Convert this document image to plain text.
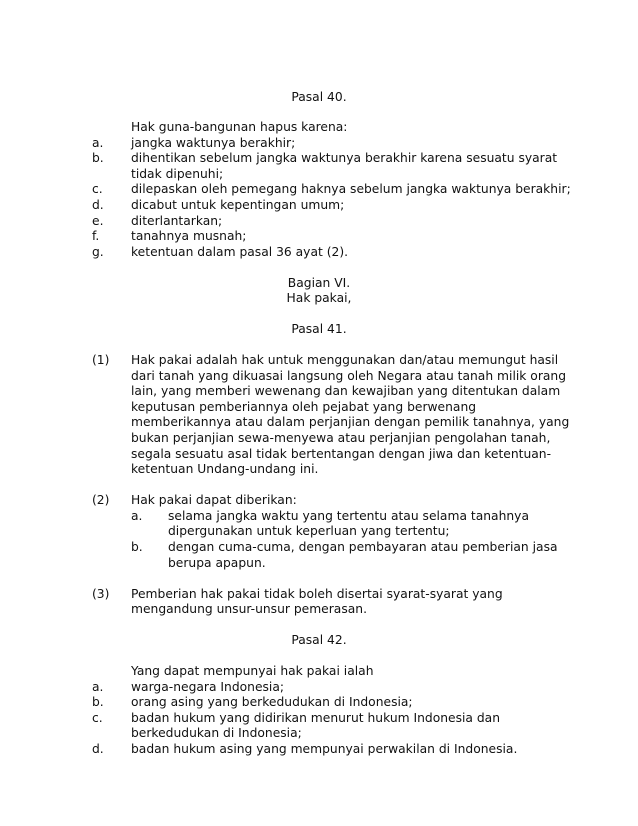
Pasal 40.
Hak guna-bangunan hapus karena:
a. jangka waktunya berakhir;
b. dihentikan sebelum jangka waktunya berakhir karena sesuatu syarat
tidak dipenuhi;
c. dilepaskan oleh pemegang haknya sebelum jangka waktunya berakhir;
d. dicabut untuk kepentingan umum;
e. diterlantarkan;
f.	tanahnya musnah;
g. ketentuan dalam pasal 36 ayat (2).
Bagian VI.
Hak pakai,
Pasal 41.
(1) Hak pakai adalah hak untuk menggunakan dan/atau memungut hasil
dari tanah yang dikuasai langsung oleh Negara atau tanah milik orang
lain, yang memberi wewenang dan kewajiban yang ditentukan dalam
keputusan pemberiannya oleh pejabat yang berwenang
memberikannya atau dalam perjanjian dengan pemilik tanahnya, yang
bukan perjanjian sewa-menyewa atau perjanjian pengolahan tanah,
segala sesuatu asal tidak bertentangan dengan jiwa dan ketentuan-
ketentuan Undang-undang ini.
(2) Hak pakai dapat diberikan:
a. selama jangka waktu yang tertentu atau selama tanahnya
dipergunakan untuk keperluan yang tertentu;
b. dengan cuma-cuma, dengan pembayaran atau pemberian jasa
berupa apapun.
(3) Pemberian hak pakai tidak boleh disertai syarat-syarat yang
mengandung unsur-unsur pemerasan.
Pasal 42.
Yang dapat mempunyai hak pakai ialah
a. warga-negara Indonesia;
b. orang asing yang berkedudukan di Indonesia;
c. badan hukum yang didirikan menurut hukum Indonesia dan
berkedudukan di Indonesia;
d. badan hukum asing yang mempunyai perwakilan di Indonesia.
